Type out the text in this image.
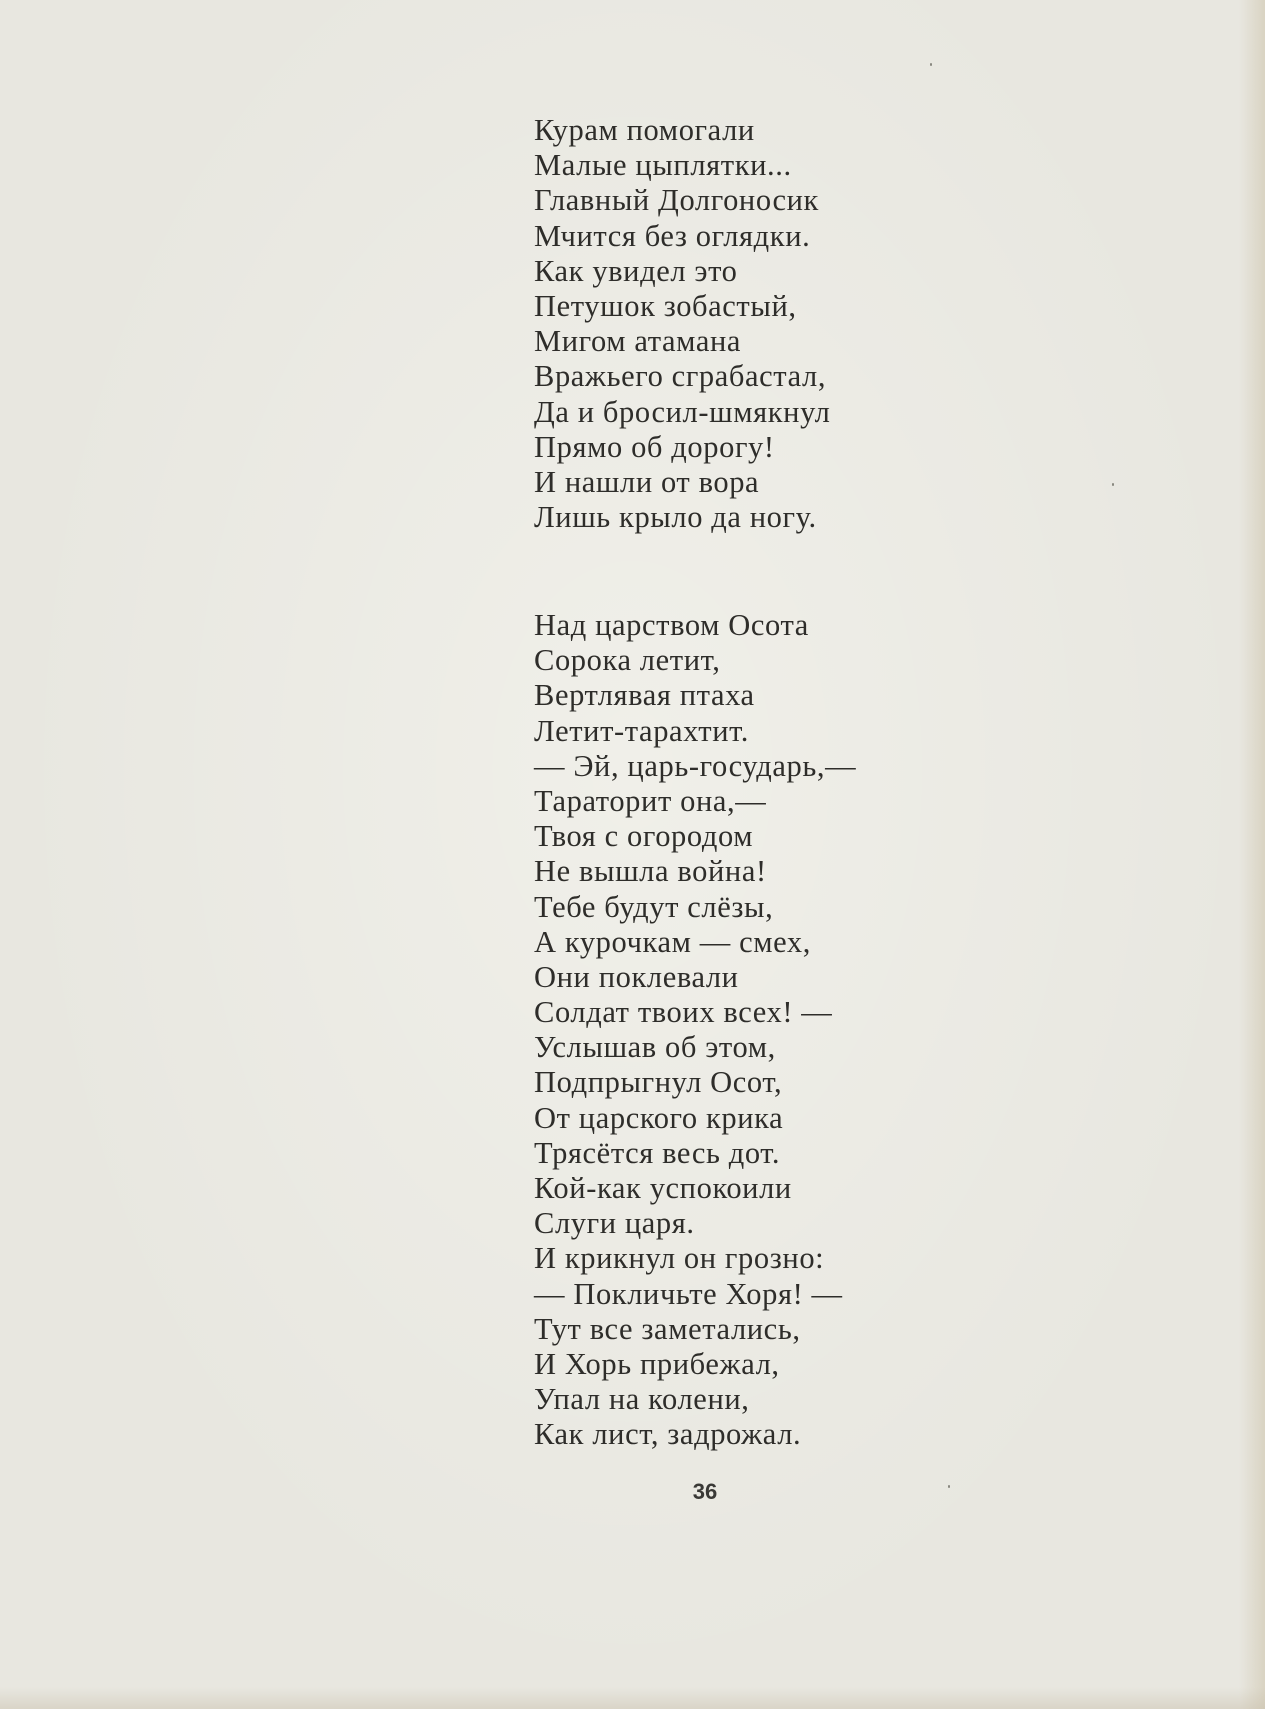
Курам помогали
Малые цыплятки...
Главный Долгоносик
Мчится без оглядки.
Как увидел это
Петушок зобастый,
Мигом атамана
Вражьего сграбастал,
Да и бросил-шмякнул
Прямо об дорогу!
И нашли от вора
Лишь крыло да ногу.
Над царством Осота
Сорока летит,
Вертлявая птаха
Летит-тарахтит.
— Эй, царь-государь,—
Тараторит она,—
Твоя с огородом
Не вышла война!
Тебе будут слёзы,
А курочкам — смех,
Они поклевали
Солдат твоих всех! —
Услышав об этом,
Подпрыгнул Осот,
От царского крика
Трясётся весь дот.
Кой-как успокоили
Слуги царя.
И крикнул он грозно:
— Покличьте Хоря! —
Тут все заметались,
И Хорь прибежал,
Упал на колени,
Как лист, задрожал.
36
